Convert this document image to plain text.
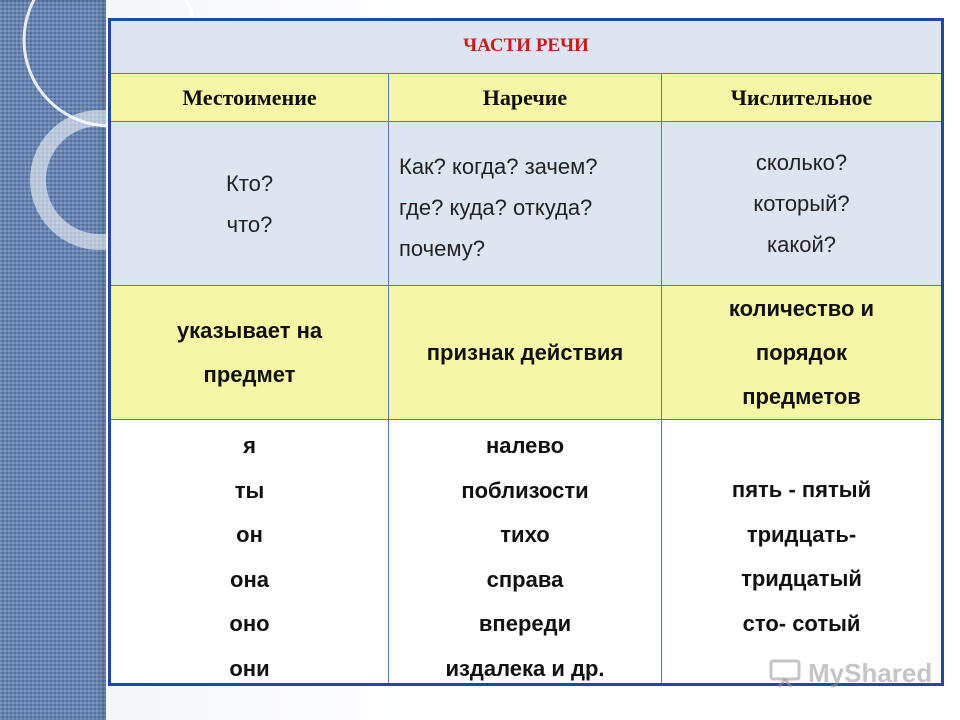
ЧАСТИ РЕЧИ
Местоимение	Наречие	Числительное
Кто?
что?
Как? когда? зачем?
где? куда? откуда?
почему?
сколько?
который?
какой?
указывает на
предмет
признак действия
количество и
порядок
предметов
я
ты
он
она
оно
они
налево
поблизости
тихо
справа
впереди
издалека и др.
пять - пятый
тридцать-
тридцатый
сто- сотый
MyShared
